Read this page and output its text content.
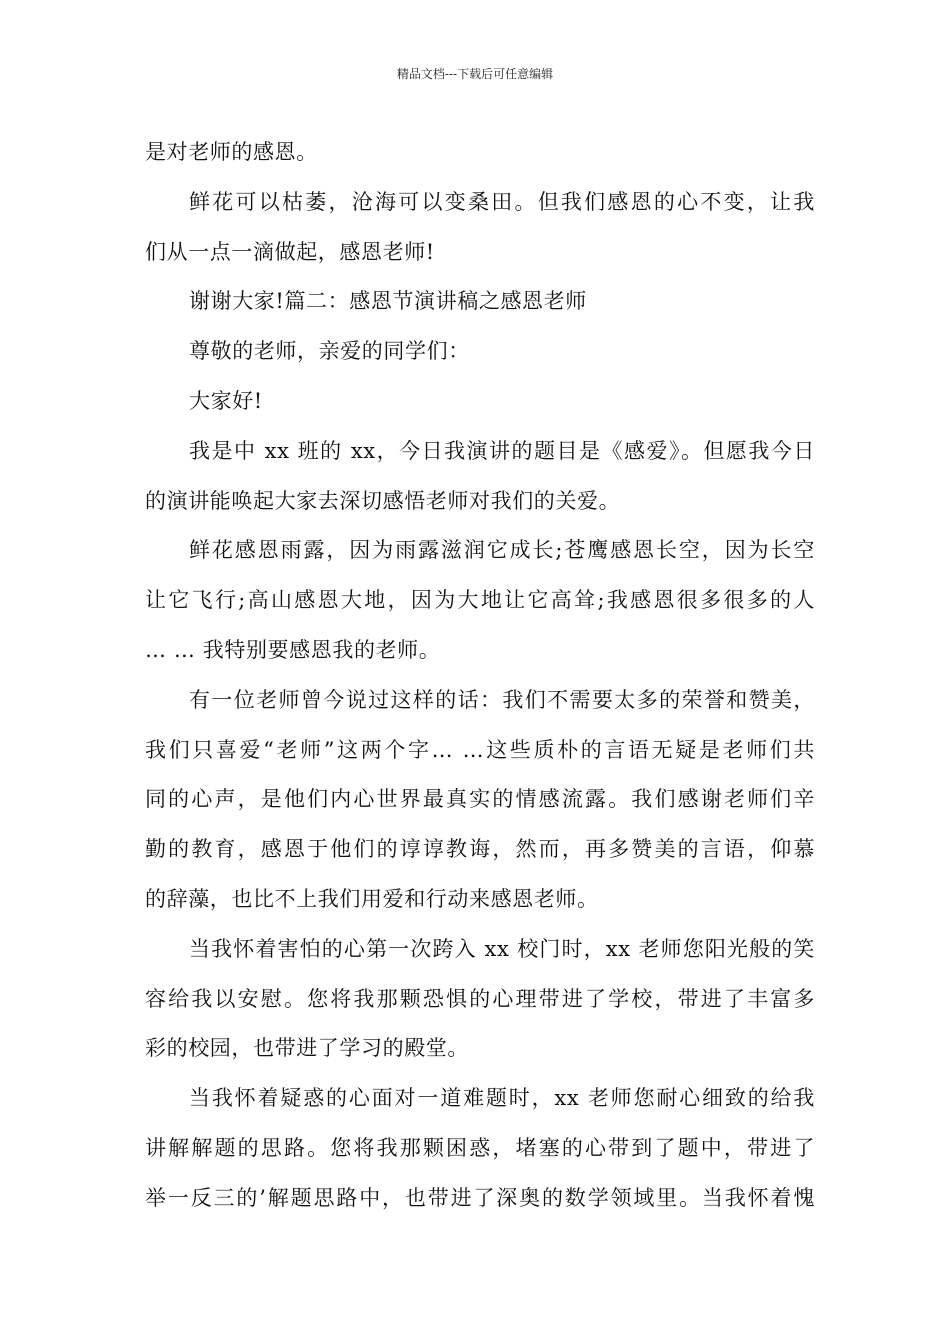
精品文档---下载后可任意编辑
是对老师的感恩。
鲜花可以枯萎，沧海可以变桑田。但我们感恩的心不变，让我
们从一点一滴做起，感恩老师!
谢谢大家!篇二：感恩节演讲稿之感恩老师
尊敬的老师，亲爱的同学们：
大家好!
我是中 xx 班的 xx，今日我演讲的题目是《感爱》。但愿我今日
的演讲能唤起大家去深切感悟老师对我们的关爱。
鲜花感恩雨露，因为雨露滋润它成长;苍鹰感恩长空，因为长空
让它飞行;高山感恩大地，因为大地让它高耸;我感恩很多很多的人
… … 我特别要感恩我的老师。
有一位老师曾今说过这样的话：我们不需要太多的荣誉和赞美，
我们只喜爱“老师”这两个字… …这些质朴的言语无疑是老师们共
同的心声，是他们内心世界最真实的情感流露。我们感谢老师们辛
勤的教育，感恩于他们的谆谆教诲，然而，再多赞美的言语，仰慕
的辞藻，也比不上我们用爱和行动来感恩老师。
当我怀着害怕的心第一次跨入 xx 校门时，xx 老师您阳光般的笑
容给我以安慰。您将我那颗恐惧的心理带进了学校，带进了丰富多
彩的校园，也带进了学习的殿堂。
当我怀着疑惑的心面对一道难题时，xx 老师您耐心细致的给我
讲解解题的思路。您将我那颗困惑，堵塞的心带到了题中，带进了
举一反三的’解题思路中，也带进了深奥的数学领域里。当我怀着愧
